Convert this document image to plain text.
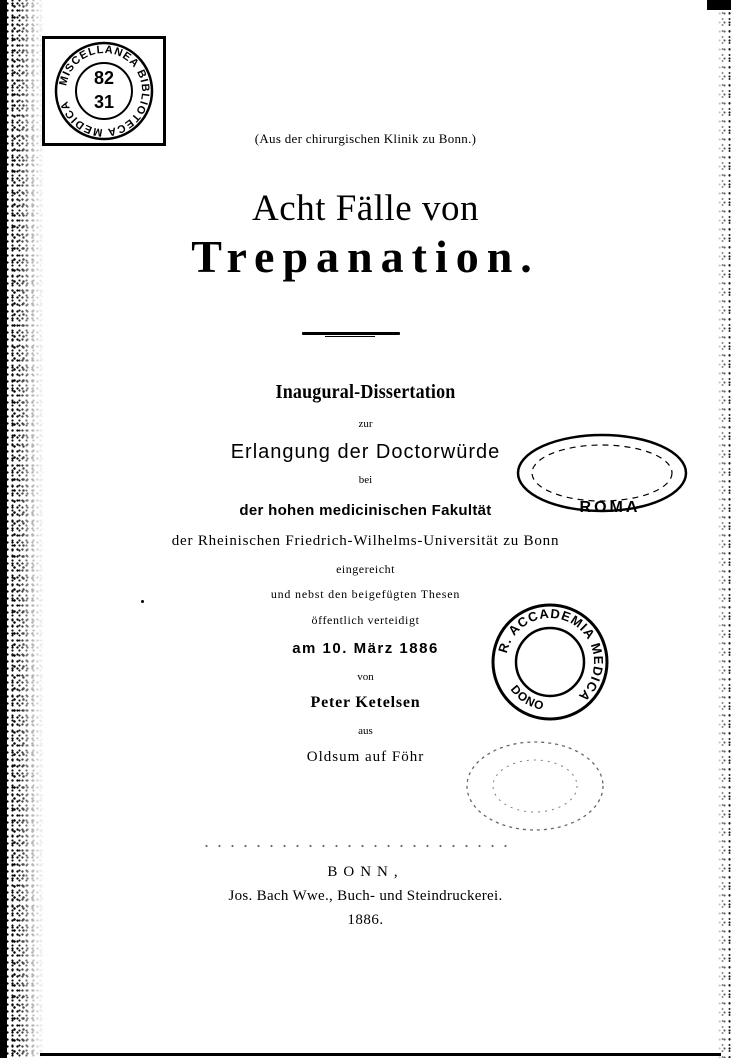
MISCELLANEA BIBLIOTECA MEDICA
82
31
ROMA
R. ACCADEMIA MEDICA
DONO
(Aus der chirurgischen Klinik zu Bonn.)
Acht Fälle von
Trepanation.
Inaugural-Dissertation
zur
Erlangung der Doctorwürde
bei
der hohen medicinischen Fakultät
der Rheinischen Friedrich-Wilhelms-Universität zu Bonn
eingereicht
und nebst den beigefügten Thesen
öffentlich verteidigt
am 10. März 1886
von
Peter Ketelsen
aus
Oldsum auf Föhr
BONN,
Jos. Bach Wwe., Buch- und Steindruckerei.
1886.
